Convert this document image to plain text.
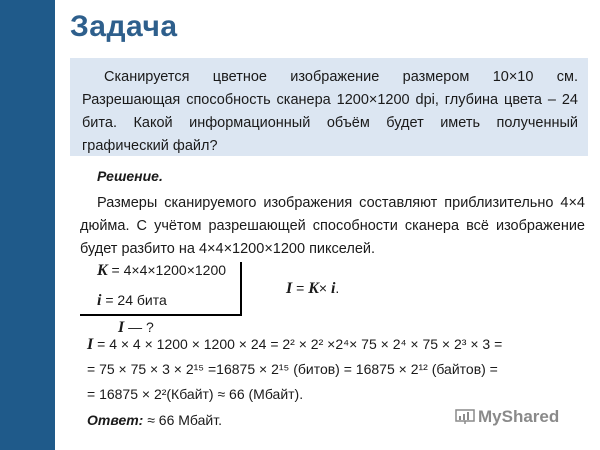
Задача

Сканируется цветное изображение размером 10×10 см. Разрешающая способность сканера 1200×1200 dpi, глубина цвета – 24 бита. Какой информационный объём будет иметь полученный графический файл?

Решение.

Размеры сканируемого изображения составляют приблизительно 4×4 дюйма. С учётом разрешающей способности сканера всё изображение будет разбито на 4×4×1200×1200 пикселей.

K = 4×4×1200×1200
i = 24 бита
I — ?
I = K× i.
I = 4 × 4 × 1200 × 1200 × 24 = 2² × 2² ×2⁴× 75 × 2⁴ × 75 × 2³ × 3 =
= 75 × 75 × 3 × 2¹⁵ =16875 × 2¹⁵ (битов) = 16875 × 2¹² (байтов) =
= 16875 × 2²(Кбайт) ≈ 66 (Мбайт).
Ответ: ≈ 66 Мбайт.	MyShared
